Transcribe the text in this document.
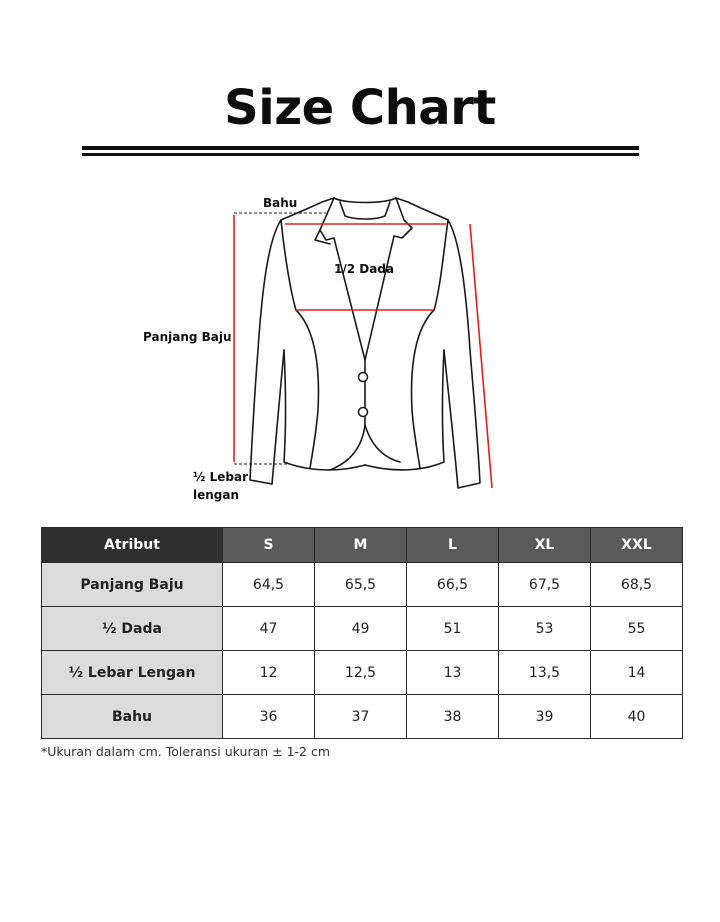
Size Chart
Bahu
1/2 Dada
Panjang Baju
½ Lebar
lengan
Atribut	S	M	L	XL	XXL
Panjang Baju	64,5	65,5	66,5	67,5	68,5
½ Dada	47	49	51	53	55
½ Lebar Lengan	12	12,5	13	13,5	14
Bahu	36	37	38	39	40
*Ukuran dalam cm. Toleransi ukuran ± 1-2 cm
